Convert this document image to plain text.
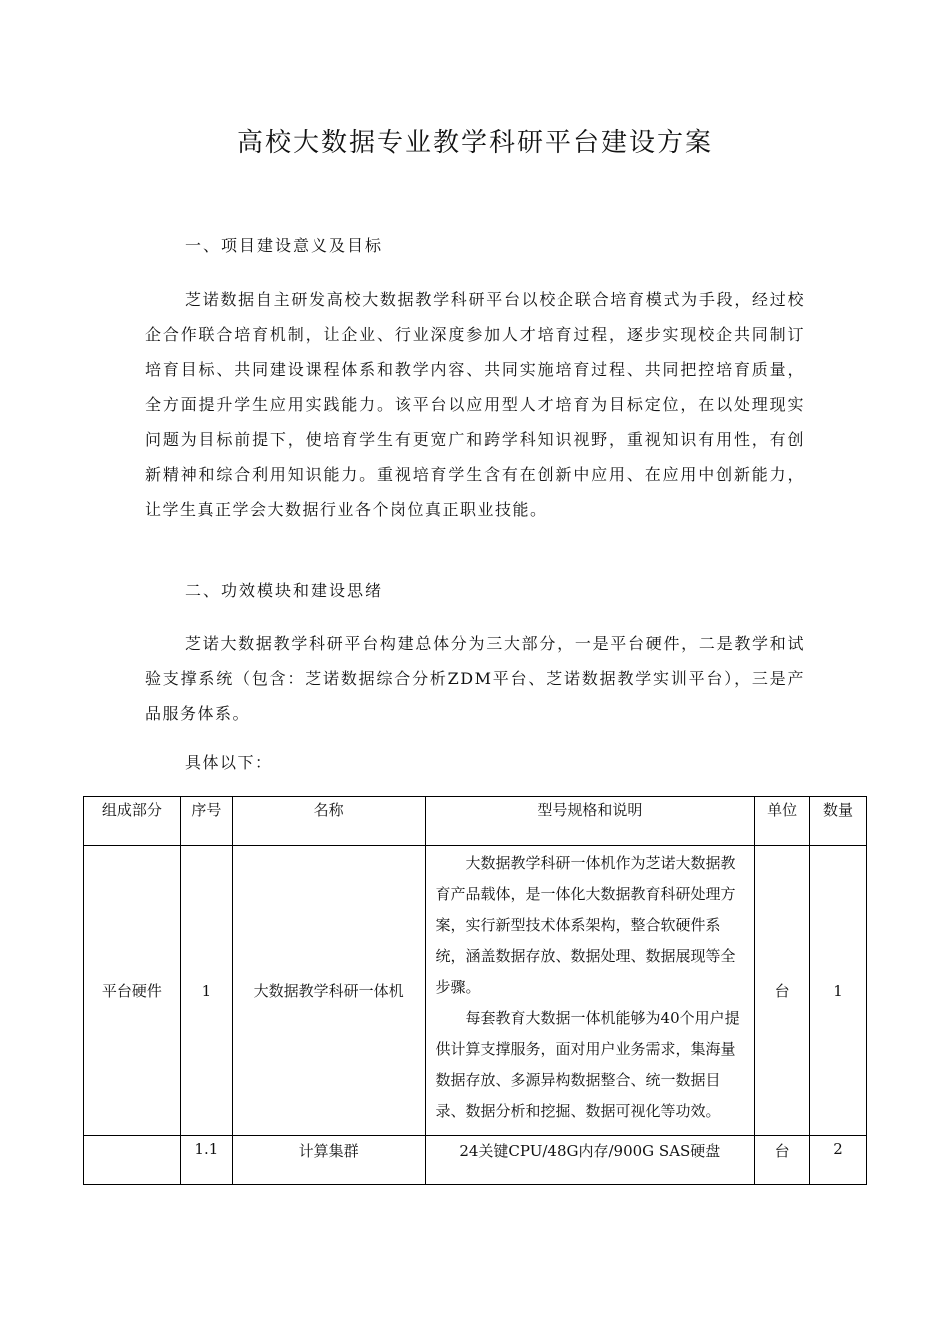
高校大数据专业教学科研平台建设方案
一、项目建设意义及目标

芝诺数据自主研发高校大数据教学科研平台以校企联合培育模式为手段，经过校企合作联合培育机制，让企业、行业深度参加人才培育过程，逐步实现校企共同制订培育目标、共同建设课程体系和教学内容、共同实施培育过程、共同把控培育质量，全方面提升学生应用实践能力。该平台以应用型人才培育为目标定位，在以处理现实问题为目标前提下，使培育学生有更宽广和跨学科知识视野，重视知识有用性，有创新精神和综合利用知识能力。重视培育学生含有在创新中应用、在应用中创新能力，让学生真正学会大数据行业各个岗位真正职业技能。

二、功效模块和建设思绪

芝诺大数据教学科研平台构建总体分为三大部分，一是平台硬件，二是教学和试验支撑系统（包含：芝诺数据综合分析ZDM平台、芝诺数据教学实训平台），三是产品服务体系。

具体以下：

组成部分	序号	名称	型号规格和说明	单位	数量
平台硬件	1	大数据教学科研一体机	大数据教学科研一体机作为芝诺大数据教育产品载体，是一体化大数据教育科研处理方案，实行新型技术体系架构，整合软硬件系统，涵盖数据存放、数据处理、数据展现等全步骤。

每套教育大数据一体机能够为40个用户提供计算支撑服务，面对用户业务需求，集海量数据存放、多源异构数据整合、统一数据目录、数据分析和挖掘、数据可视化等功效。	台	1
	1.1	计算集群	24关键CPU/48G内存/900G SAS硬盘	台	2
